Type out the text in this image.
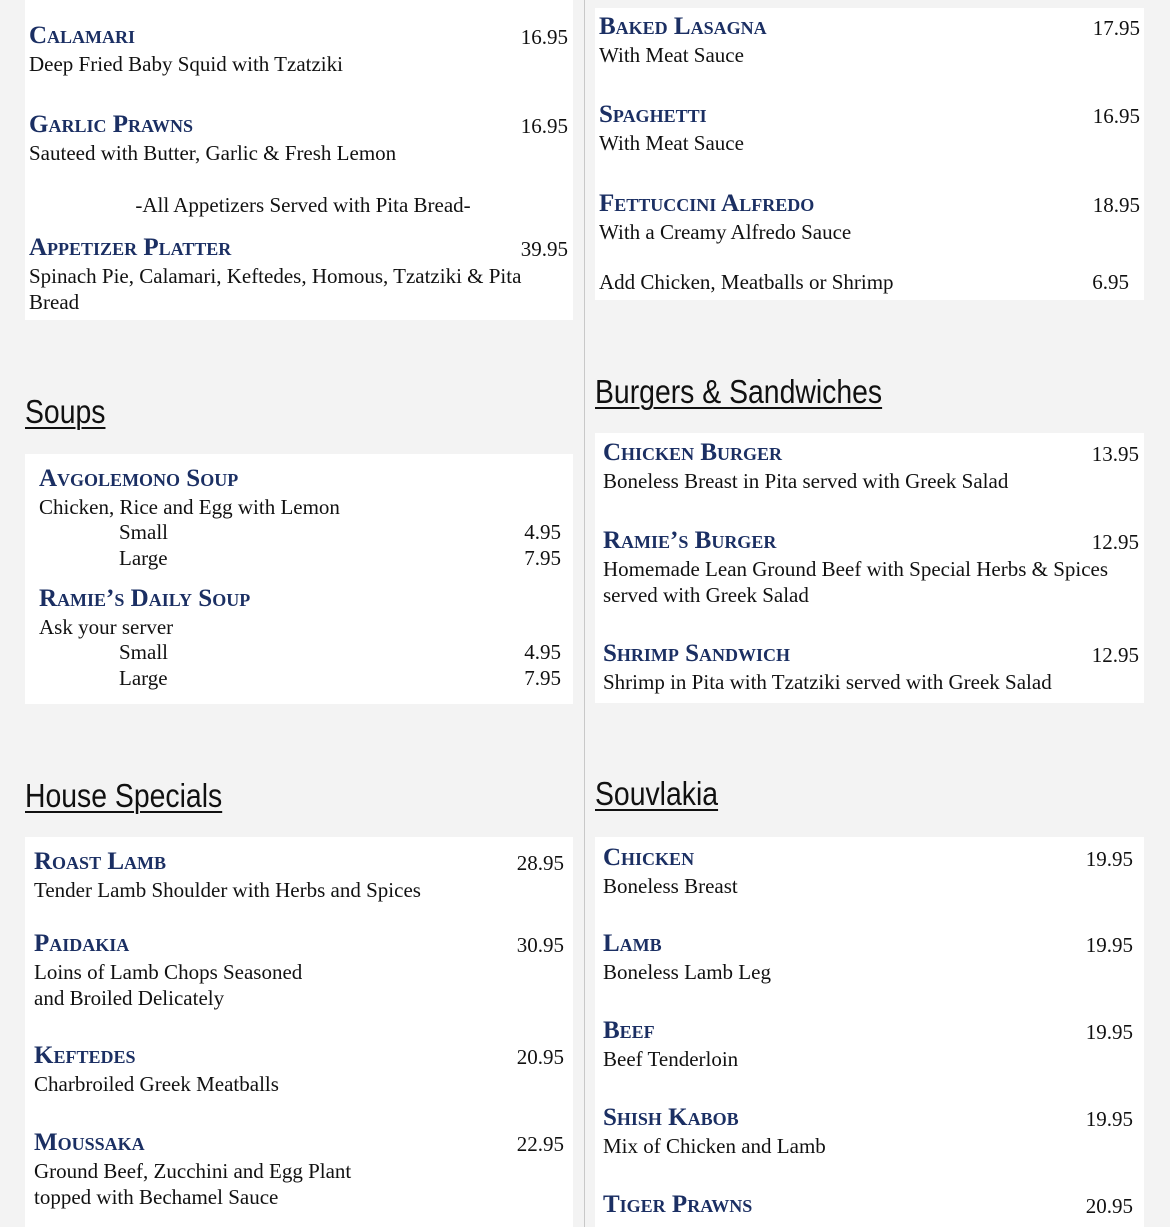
Soups
House Specials
Burgers & Sandwiches
Souvlakia
-All Appetizers Served with Pita Bread-
Add Chicken, Meatballs or Shrimp	6.95
Calamari	16.95
Deep Fried Baby Squid with Tzatziki
Garlic Prawns	16.95
Sauteed with Butter, Garlic & Fresh Lemon
Appetizer Platter	39.95
Spinach Pie, Calamari, Keftedes, Homous, Tzatziki & Pita
Bread
Baked Lasagna	17.95
With Meat Sauce
Spaghetti	16.95
With Meat Sauce
Fettuccini Alfredo	18.95
With a Creamy Alfredo Sauce
Chicken Burger	13.95
Boneless Breast in Pita served with Greek Salad
Ramie’s Burger	12.95
Homemade Lean Ground Beef with Special Herbs & Spices
served with Greek Salad
Shrimp Sandwich	12.95
Shrimp in Pita with Tzatziki served with Greek Salad
Roast Lamb	28.95
Tender Lamb Shoulder with Herbs and Spices
Paidakia	30.95
Loins of Lamb Chops Seasoned
and Broiled Delicately
Keftedes	20.95
Charbroiled Greek Meatballs
Moussaka	22.95
Ground Beef, Zucchini and Egg Plant
topped with Bechamel Sauce
Chicken	19.95
Boneless Breast
Lamb	19.95
Boneless Lamb Leg
Beef	19.95
Beef Tenderloin
Shish Kabob	19.95
Mix of Chicken and Lamb
Tiger Prawns	20.95
Avgolemono Soup
Chicken, Rice and Egg with Lemon
Small	4.95
Large	7.95
Ramie’s Daily Soup
Ask your server
Small	4.95
Large	7.95
